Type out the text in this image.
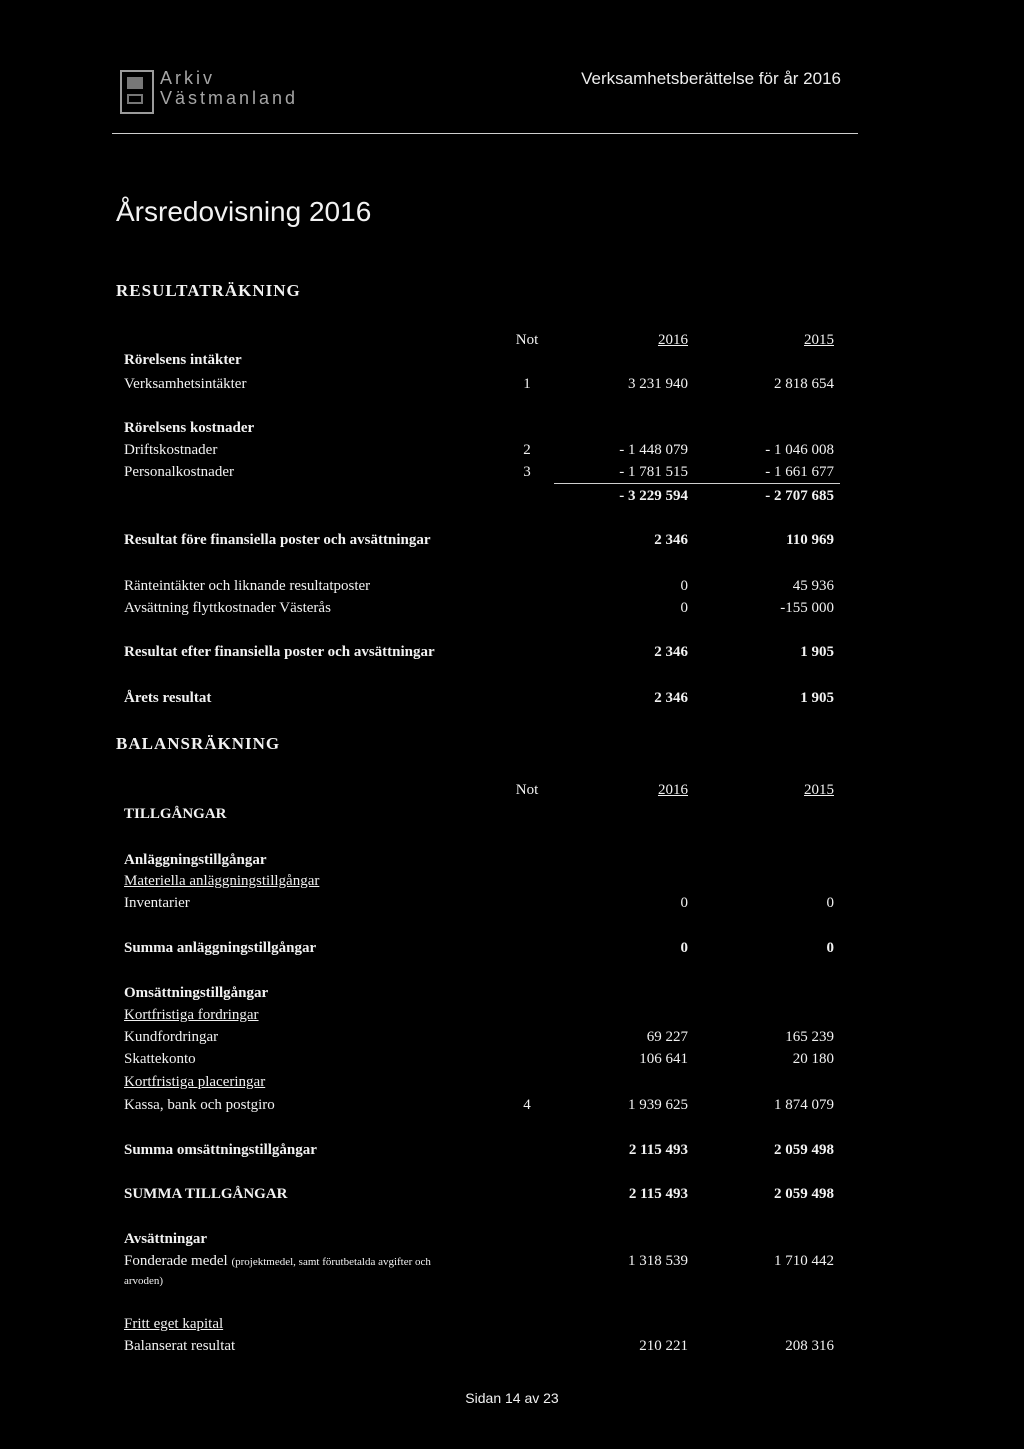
Arkiv Västmanland
Verksamhetsberättelse för år 2016
Årsredovisning 2016
RESULTATRÄKNING
Not	2016	2015
Rörelsens intäkter
Verksamhetsintäkter	1	3 231 940	2 818 654
Rörelsens kostnader
Driftskostnader	2	- 1 448 079	- 1 046 008
Personalkostnader	3	- 1 781 515	- 1 661 677
- 3 229 594	- 2 707 685
Resultat före finansiella poster och avsättningar	2 346	110 969
Ränteintäkter och liknande resultatposter	0	45 936
Avsättning flyttkostnader Västerås	0	-155 000
Resultat efter finansiella poster och avsättningar	2 346	1 905
Årets resultat	2 346	1 905
BALANSRÄKNING
Not	2016	2015
TILLGÅNGAR
Anläggningstillgångar
Materiella anläggningstillgångar
Inventarier	0	0
Summa anläggningstillgångar	0	0
Omsättningstillgångar
Kortfristiga fordringar
Kundfordringar	69 227	165 239
Skattekonto	106 641	20 180
Kortfristiga placeringar
Kassa, bank och postgiro	4	1 939 625	1 874 079
Summa omsättningstillgångar	2 115 493	2 059 498
SUMMA TILLGÅNGAR	2 115 493	2 059 498
Avsättningar
Fonderade medel (projektmedel, samt förutbetalda avgifter och	1 318 539	1 710 442
arvoden)
Fritt eget kapital
Balanserat resultat	210 221	208 316
Sidan 14 av 23
